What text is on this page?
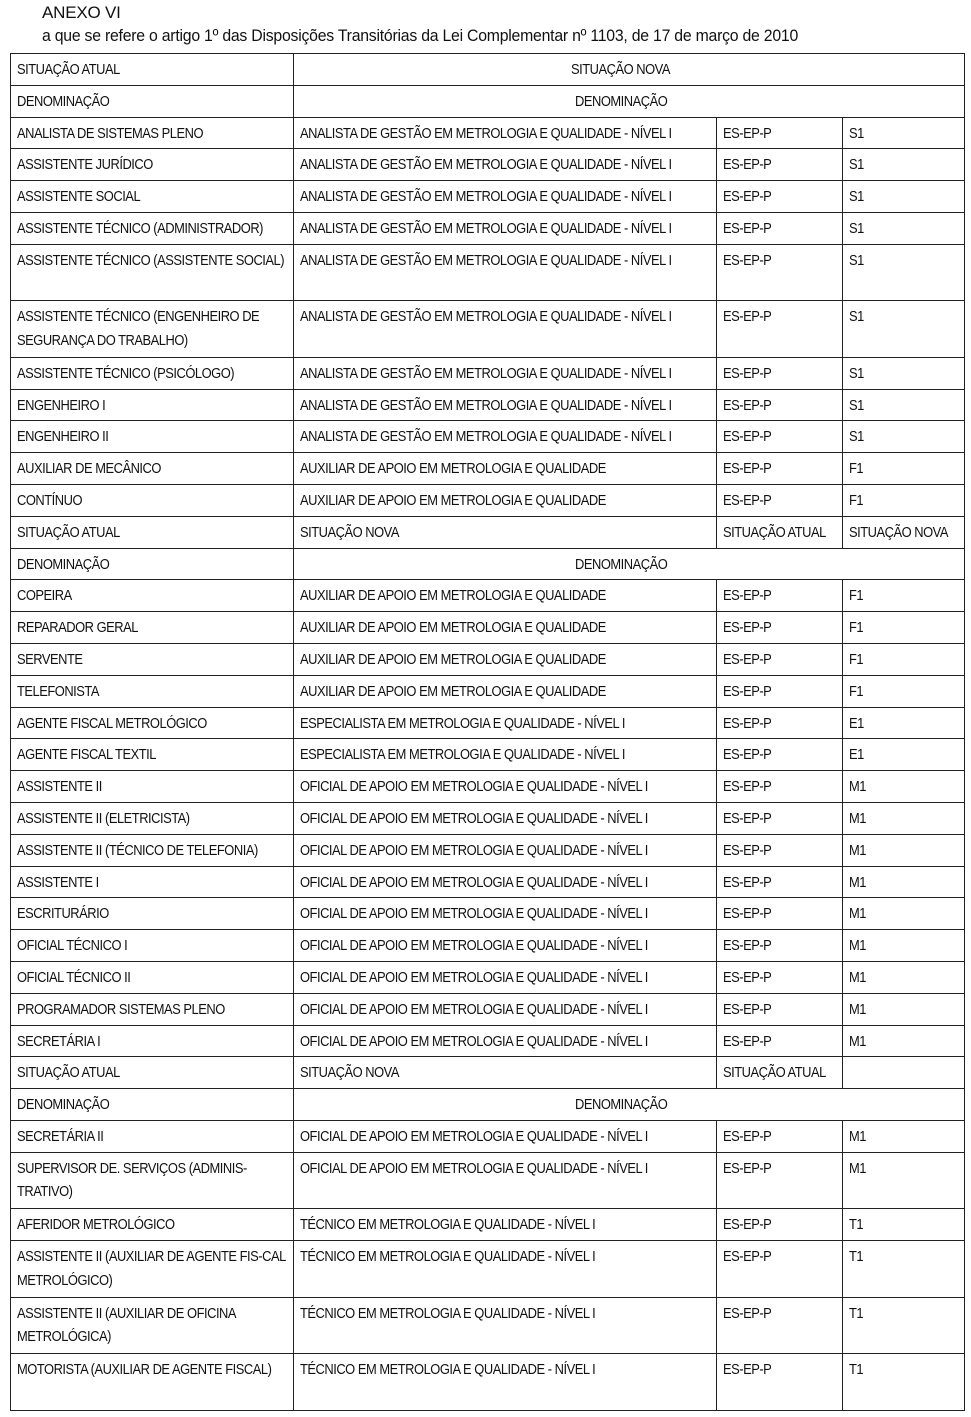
ANEXO VI
a que se refere o artigo 1º das Disposições Transitórias da Lei Complementar nº 1103, de 17 de março de 2010
SITUAÇÃO ATUAL	SITUAÇÃO NOVA		
DENOMINAÇÃO	DENOMINAÇÃO		
ANALISTA DE SISTEMAS PLENO	ANALISTA DE GESTÃO EM METROLOGIA E QUALIDADE - NÍVEL I	ES-EP-P	S1
ASSISTENTE JURÍDICO	ANALISTA DE GESTÃO EM METROLOGIA E QUALIDADE - NÍVEL I	ES-EP-P	S1
ASSISTENTE SOCIAL	ANALISTA DE GESTÃO EM METROLOGIA E QUALIDADE - NÍVEL I	ES-EP-P	S1
ASSISTENTE TÉCNICO (ADMINISTRADOR)	ANALISTA DE GESTÃO EM METROLOGIA E QUALIDADE - NÍVEL I	ES-EP-P	S1

ASSISTENTE TÉCNICO (ASSISTENTE SOCIAL)	ANALISTA DE GESTÃO EM METROLOGIA E QUALIDADE - NÍVEL I	ES-EP-P	S1

ASSISTENTE TÉCNICO (ENGENHEIRO DE SEGURANÇA DO TRABALHO)	ANALISTA DE GESTÃO EM METROLOGIA E QUALIDADE - NÍVEL I	ES-EP-P	S1
ASSISTENTE TÉCNICO (PSICÓLOGO)	ANALISTA DE GESTÃO EM METROLOGIA E QUALIDADE - NÍVEL I	ES-EP-P	S1
ENGENHEIRO I	ANALISTA DE GESTÃO EM METROLOGIA E QUALIDADE - NÍVEL I	ES-EP-P	S1
ENGENHEIRO II	ANALISTA DE GESTÃO EM METROLOGIA E QUALIDADE - NÍVEL I	ES-EP-P	S1
AUXILIAR DE MECÂNICO	AUXILIAR DE APOIO EM METROLOGIA E QUALIDADE	ES-EP-P	F1
CONTÍNUO	AUXILIAR DE APOIO EM METROLOGIA E QUALIDADE	ES-EP-P	F1
SITUAÇÃO ATUAL	SITUAÇÃO NOVA	SITUAÇÃO ATUAL	SITUAÇÃO NOVA
DENOMINAÇÃO	DENOMINAÇÃO		
COPEIRA	AUXILIAR DE APOIO EM METROLOGIA E QUALIDADE	ES-EP-P	F1
REPARADOR GERAL	AUXILIAR DE APOIO EM METROLOGIA E QUALIDADE	ES-EP-P	F1
SERVENTE	AUXILIAR DE APOIO EM METROLOGIA E QUALIDADE	ES-EP-P	F1
TELEFONISTA	AUXILIAR DE APOIO EM METROLOGIA E QUALIDADE	ES-EP-P	F1
AGENTE FISCAL METROLÓGICO	ESPECIALISTA EM METROLOGIA E QUALIDADE - NÍVEL I	ES-EP-P	E1
AGENTE FISCAL TEXTIL	ESPECIALISTA EM METROLOGIA E QUALIDADE - NÍVEL I	ES-EP-P	E1
ASSISTENTE II	OFICIAL DE APOIO EM METROLOGIA E QUALIDADE - NÍVEL I	ES-EP-P	M1
ASSISTENTE II (ELETRICISTA)	OFICIAL DE APOIO EM METROLOGIA E QUALIDADE - NÍVEL I	ES-EP-P	M1
ASSISTENTE II (TÉCNICO DE TELEFONIA)	OFICIAL DE APOIO EM METROLOGIA E QUALIDADE - NÍVEL I	ES-EP-P	M1
ASSISTENTE I	OFICIAL DE APOIO EM METROLOGIA E QUALIDADE - NÍVEL I	ES-EP-P	M1
ESCRITURÁRIO	OFICIAL DE APOIO EM METROLOGIA E QUALIDADE - NÍVEL I	ES-EP-P	M1
OFICIAL TÉCNICO I	OFICIAL DE APOIO EM METROLOGIA E QUALIDADE - NÍVEL I	ES-EP-P	M1
OFICIAL TÉCNICO II	OFICIAL DE APOIO EM METROLOGIA E QUALIDADE - NÍVEL I	ES-EP-P	M1
PROGRAMADOR SISTEMAS PLENO	OFICIAL DE APOIO EM METROLOGIA E QUALIDADE - NÍVEL I	ES-EP-P	M1
SECRETÁRIA I	OFICIAL DE APOIO EM METROLOGIA E QUALIDADE - NÍVEL I	ES-EP-P	M1
SITUAÇÃO ATUAL	SITUAÇÃO NOVA	SITUAÇÃO ATUAL	
DENOMINAÇÃO	DENOMINAÇÃO		
SECRETÁRIA II	OFICIAL DE APOIO EM METROLOGIA E QUALIDADE - NÍVEL I	ES-EP-P	M1

SUPERVISOR DE. SERVIÇOS (ADMINIS-TRATIVO)	OFICIAL DE APOIO EM METROLOGIA E QUALIDADE - NÍVEL I	ES-EP-P	M1
AFERIDOR METROLÓGICO	TÉCNICO EM METROLOGIA E QUALIDADE - NÍVEL I	ES-EP-P	T1

ASSISTENTE II (AUXILIAR DE AGENTE FIS-CAL METROLÓGICO)	TÉCNICO EM METROLOGIA E QUALIDADE - NÍVEL I	ES-EP-P	T1

ASSISTENTE II (AUXILIAR DE OFICINA METROLÓGICA)	TÉCNICO EM METROLOGIA E QUALIDADE - NÍVEL I	ES-EP-P	T1

MOTORISTA (AUXILIAR DE AGENTE FISCAL)	TÉCNICO EM METROLOGIA E QUALIDADE - NÍVEL I	ES-EP-P	T1
